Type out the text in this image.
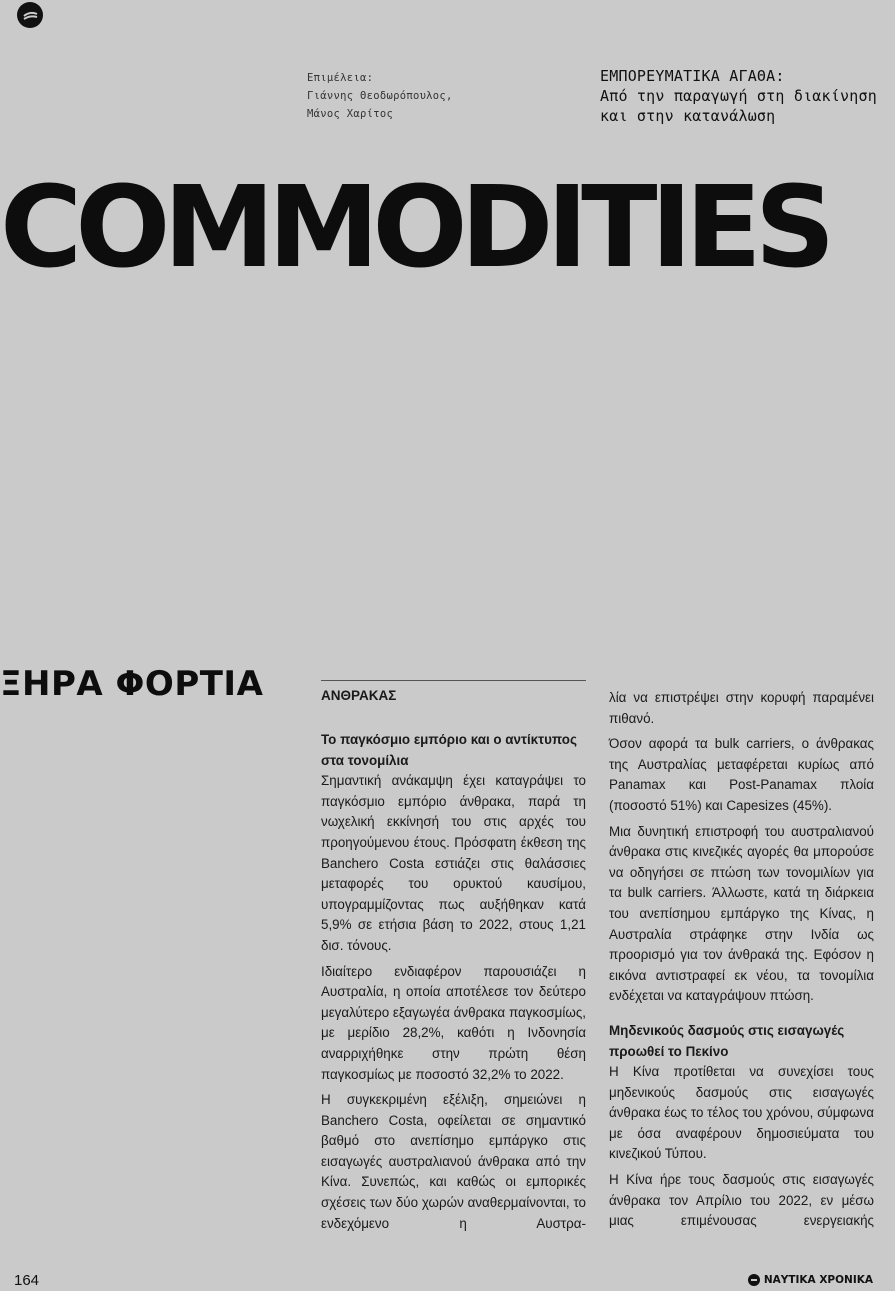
Επιμέλεια:
Γιάννης Θεοδωρόπουλος,
Μάνος Χαρίτος
ΕΜΠΟΡΕΥΜΑΤΙΚΑ ΑΓΑΘΑ:
Από την παραγωγή στη διακίνηση
και στην κατανάλωση
COMMODITIES
ΞΗΡΑ ΦΟΡΤΙΑ	ΑΝΘΡΑΚΑΣ

Το παγκόσμιο εμπόριο και ο αντίκτυπος στα τονομίλια

Σημαντική ανάκαμψη έχει καταγράψει το παγκόσμιο εμπόριο άνθρακα, παρά τη νωχελική εκκίνησή του στις αρχές του προηγούμενου έτους. Πρόσφατη έκθεση της Banchero Costa εστιάζει στις θαλάσσιες μεταφορές του ορυκτού καυσίμου, υπογραμμίζοντας πως αυξήθηκαν κατά 5,9% σε ετήσια βάση το 2022, στους 1,21 δισ. τόνους.

Ιδιαίτερο ενδιαφέρον παρουσιάζει η Αυστραλία, η οποία αποτέλεσε τον δεύτερο μεγαλύτερο εξαγωγέα άνθρακα παγκοσμίως, με μερίδιο 28,2%, καθότι η Ινδονησία αναρριχήθηκε στην πρώτη θέση παγκοσμίως με ποσοστό 32,2% το 2022.

Η συγκεκριμένη εξέλιξη, σημειώνει η Banchero Costa, οφείλεται σε σημαντικό βαθμό στο ανεπίσημο εμπάργκο στις εισαγωγές αυστραλιανού άνθρακα από την Κίνα. Συνεπώς, και καθώς οι εμπορικές σχέσεις των δύο χωρών αναθερμαίνονται, το ενδεχόμενο η Αυστρα-

λία να επιστρέψει στην κορυφή παραμένει πιθανό.

Όσον αφορά τα bulk carriers, ο άνθρακας της Αυστραλίας μεταφέρεται κυρίως από Panamax και Post-Panamax πλοία (ποσοστό 51%) και Capesizes (45%).

Μια δυνητική επιστροφή του αυστραλιανού άνθρακα στις κινεζικές αγορές θα μπορούσε να οδηγήσει σε πτώση των τονομιλίων για τα bulk carriers. Άλλωστε, κατά τη διάρκεια του ανεπίσημου εμπάργκο της Κίνας, η Αυστραλία στράφηκε στην Ινδία ως προορισμό για τον άνθρακά της. Εφόσον η εικόνα αντιστραφεί εκ νέου, τα τονομίλια ενδέχεται να καταγράψουν πτώση.

Μηδενικούς δασμούς στις εισαγωγές προωθεί το Πεκίνο

Η Κίνα προτίθεται να συνεχίσει τους μηδενικούς δασμούς στις εισαγωγές άνθρακα έως το τέλος του χρόνου, σύμφωνα με όσα αναφέρουν δημοσιεύματα του κινεζικού Τύπου.

Η Κίνα ήρε τους δασμούς στις εισαγωγές άνθρακα τον Απρίλιο του 2022, εν μέσω μιας επιμένουσας ενεργειακής

164	ΝΑΥΤΙΚΑ ΧΡΟΝΙΚΑ
